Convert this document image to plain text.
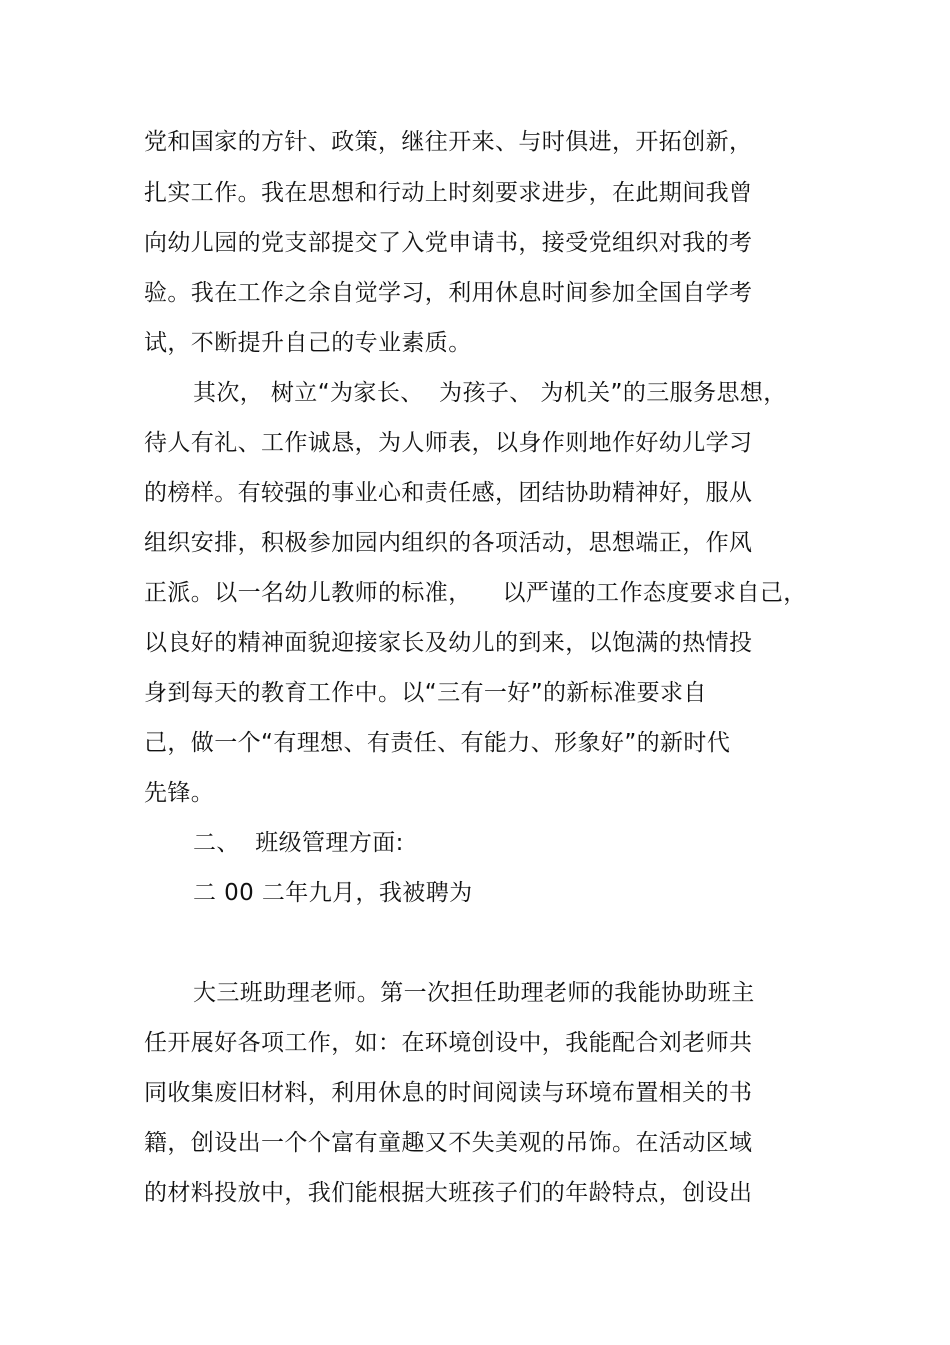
党和国家的方针、政策，继往开来、与时俱进，开拓创新，
扎实工作。我在思想和行动上时刻要求进步，在此期间我曾
向幼儿园的党支部提交了入党申请书，接受党组织对我的考
验。我在工作之余自觉学习，利用休息时间参加全国自学考
试，不断提升自己的专业素质。
其次， 树立“为家长、  为孩子、 为机关”的三服务思想，
待人有礼、工作诚恳，为人师表，以身作则地作好幼儿学习
的榜样。有较强的事业心和责任感，团结协助精神好，服从
组织安排，积极参加园内组织的各项活动，思想端正，作风
正派。以一名幼儿教师的标准，    以严谨的工作态度要求自己，
以良好的精神面貌迎接家长及幼儿的到来，以饱满的热情投
身到每天的教育工作中。以“三有一好”的新标准要求自
己，做一个“有理想、有责任、有能力、形象好”的新时代
先锋。
二、  班级管理方面:
二 00 二年九月，我被聘为
大三班助理老师。第一次担任助理老师的我能协助班主
任开展好各项工作，如：在环境创设中，我能配合刘老师共
同收集废旧材料，利用休息的时间阅读与环境布置相关的书
籍，创设出一个个富有童趣又不失美观的吊饰。在活动区域
的材料投放中，我们能根据大班孩子们的年龄特点，创设出
